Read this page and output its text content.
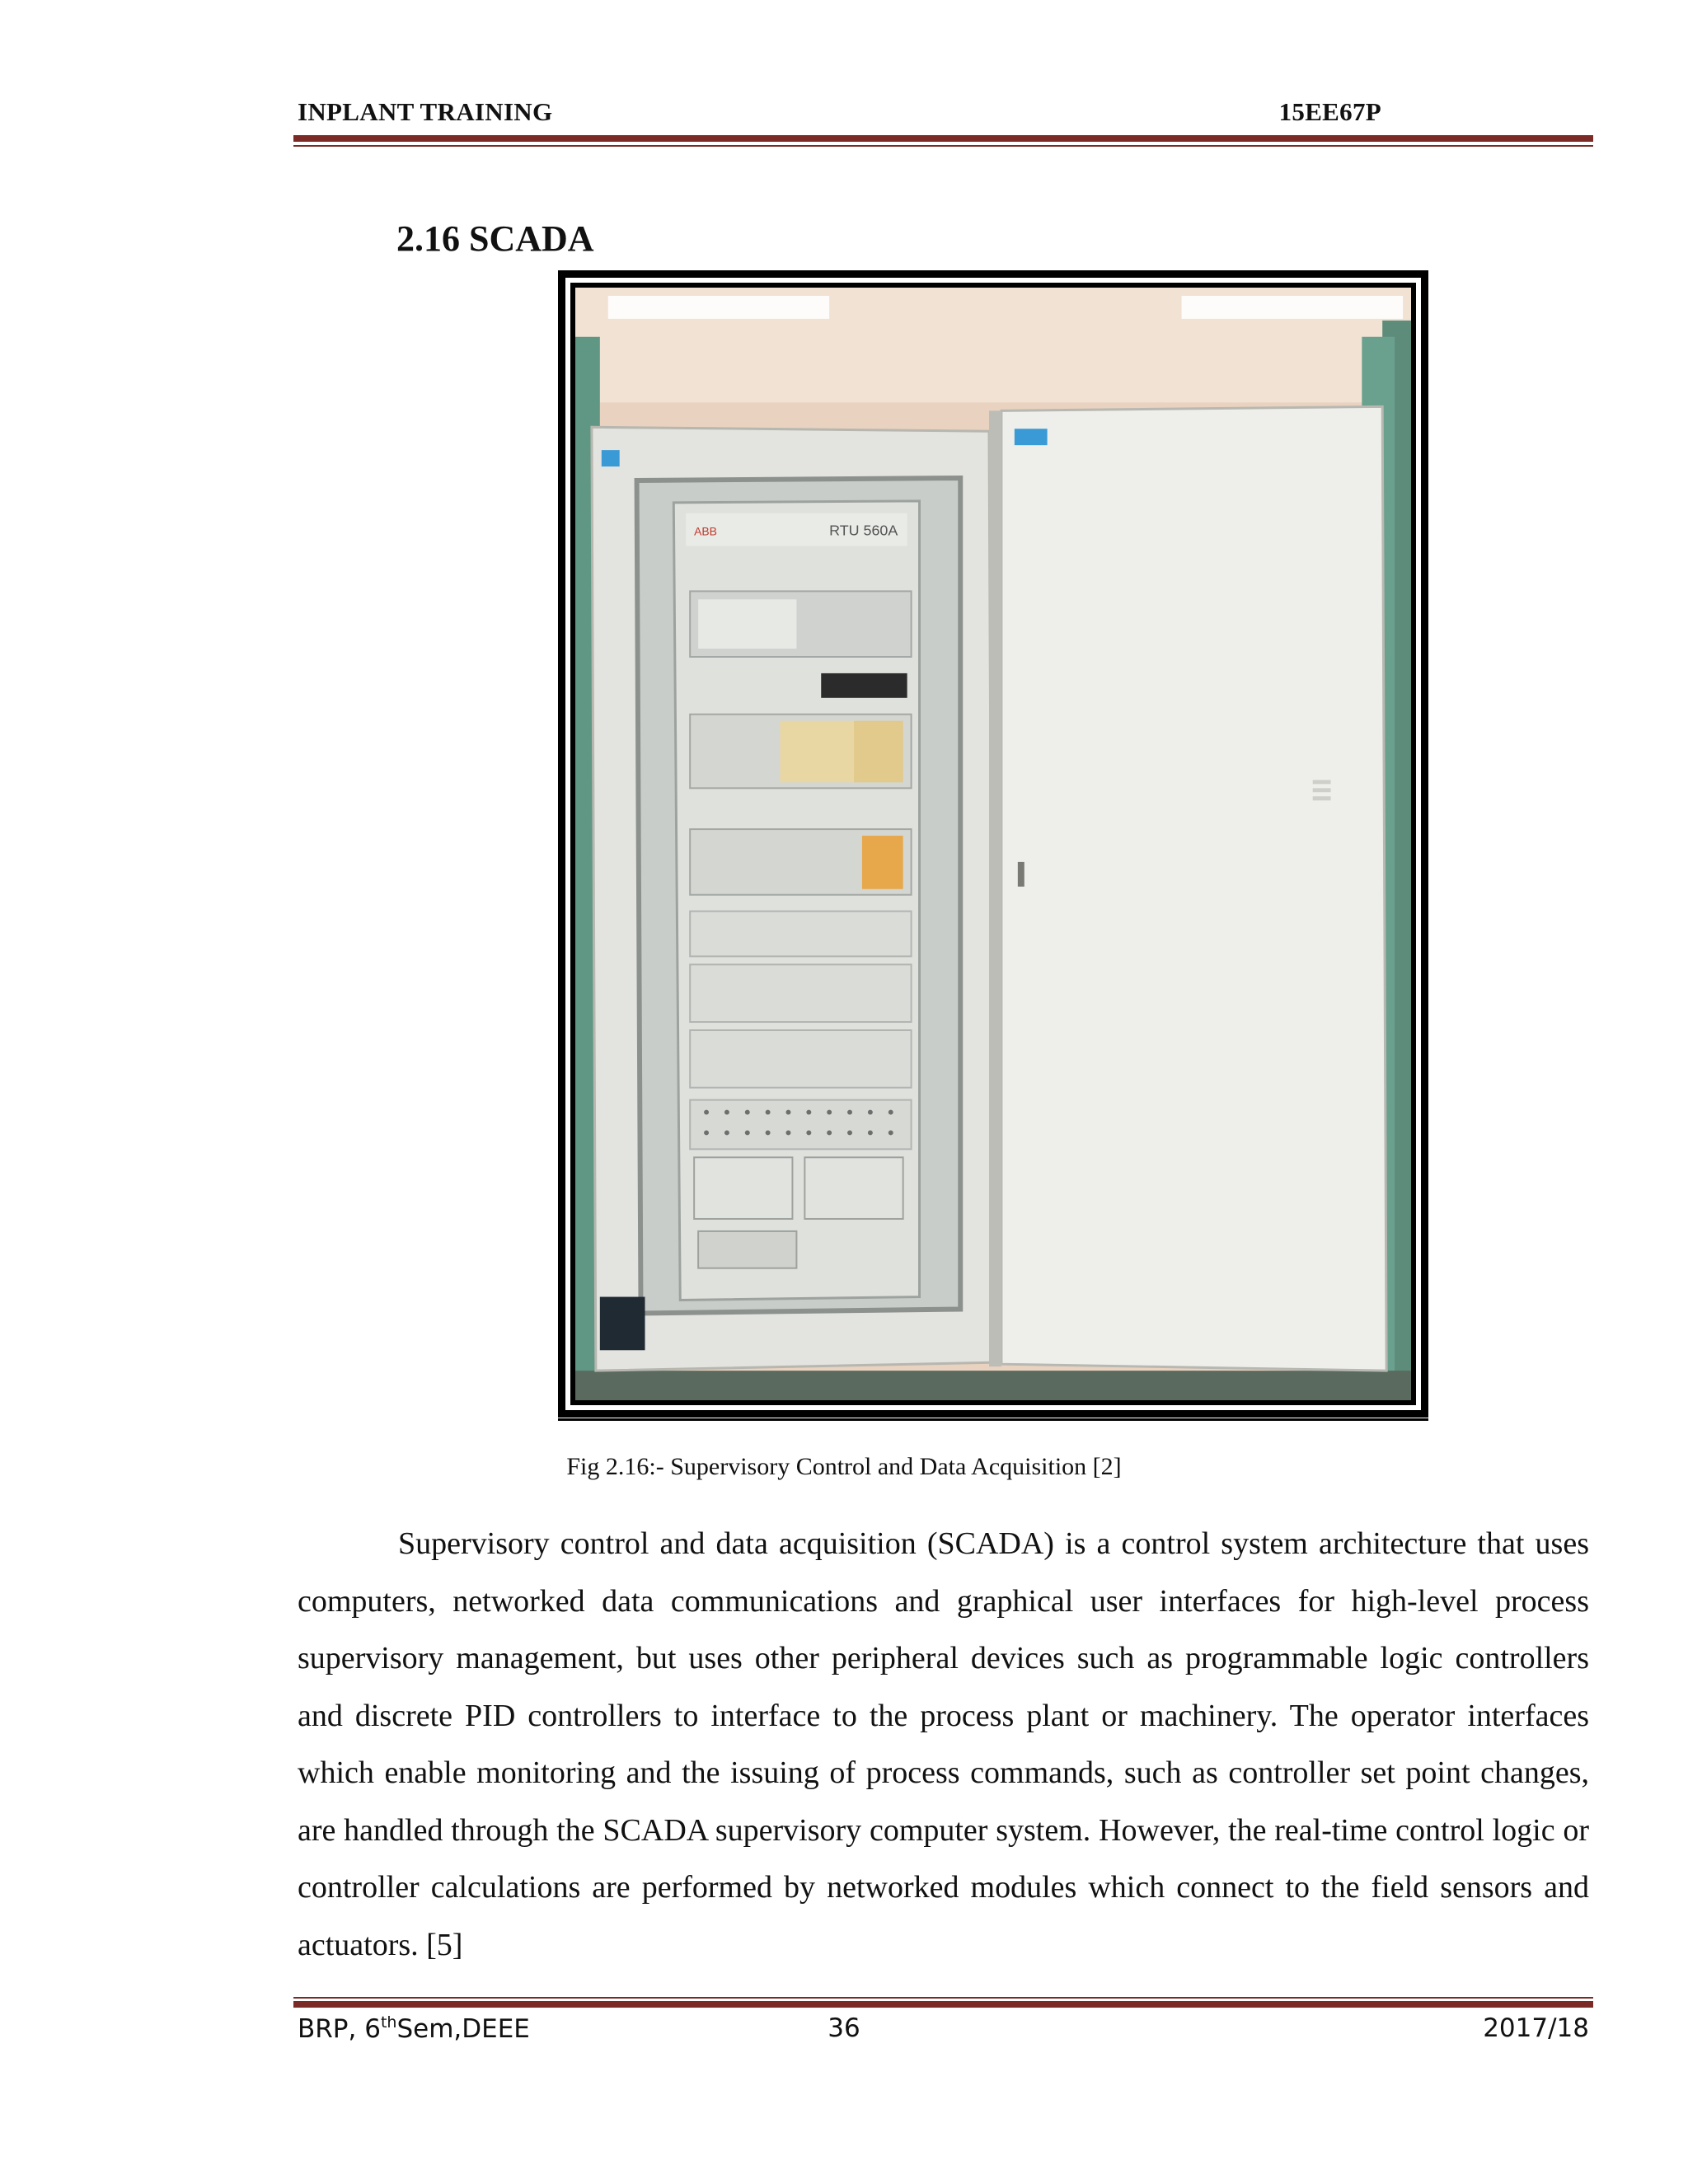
INPLANT TRAINING	15EE67P
2.16 SCADA
RTU 560A
ABB
Fig 2.16:- Supervisory Control and Data Acquisition [2]
Supervisory control and data acquisition (SCADA) is a control system architecture that uses computers, networked data communications and graphical user interfaces for high-level process supervisory management, but uses other peripheral devices such as programmable logic controllers and discrete PID controllers to interface to the process plant or machinery. The operator interfaces which enable monitoring and the issuing of process commands, such as controller set point changes, are handled through the SCADA supervisory computer system. However, the real-time control logic or controller calculations are performed by networked modules which connect to the field sensors and actuators. [5]
BRP, 6thSem,DEEE	36	2017/18
